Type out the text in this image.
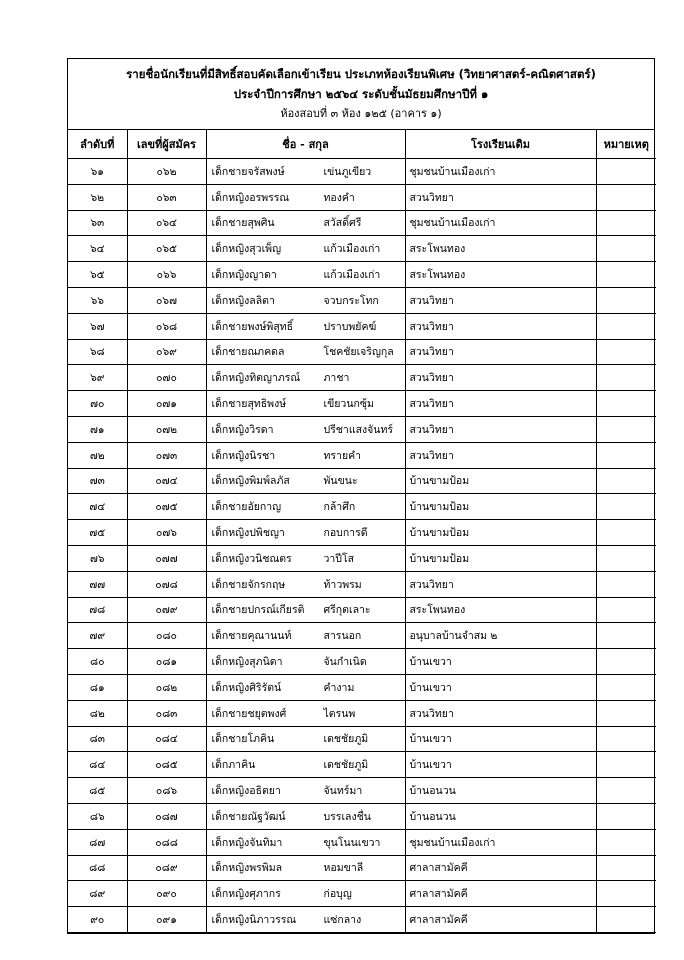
รายชื่อนักเรียนที่มีสิทธิ์สอบคัดเลือกเข้าเรียน ประเภทห้องเรียนพิเศษ (วิทยาศาสตร์-คณิตศาสตร์)
ประจำปีการศึกษา ๒๕๖๔ ระดับชั้นมัธยมศึกษาปีที่ ๑
ห้องสอบที่ ๓ ห้อง ๑๒๕ (อาคาร ๑)
ลำดับที่	เลขที่ผู้สมัคร	ชื่อ - สกุล	โรงเรียนเดิม	หมายเหตุ
๖๑	๐๖๒	เด็กชายจรัสพงษ์ เข่นภูเขียว	ชุมชนบ้านเมืองเก่า	
๖๒	๐๖๓	เด็กหญิงอรพรรณ ทองคำ	สวนวิทยา	
๖๓	๐๖๔	เด็กชายสุพศิน สวัสดิ์ศรี	ชุมชนบ้านเมืองเก่า	
๖๔	๐๖๕	เด็กหญิงสุวเพ็ญ แก้วเมืองเก่า	สระโพนทอง	
๖๕	๐๖๖	เด็กหญิงญาดา แก้วเมืองเก่า	สระโพนทอง	
๖๖	๐๖๗	เด็กหญิงลลิตา จวบกระโทก	สวนวิทยา	
๖๗	๐๖๘	เด็กชายพงษ์พิสุทธิ์ ปราบพยัคฆ์	สวนวิทยา	
๖๘	๐๖๙	เด็กชายณภคดล โชคชัยเจริญกุล	สวนวิทยา	
๖๙	๐๗๐	เด็กหญิงทิตญาภรณ์ ภาชา	สวนวิทยา	
๗๐	๐๗๑	เด็กชายสุทธิพงษ์ เขียวนกซุ้ม	สวนวิทยา	
๗๑	๐๗๒	เด็กหญิงวิรดา ปรีชาแสงจันทร์	สวนวิทยา	
๗๒	๐๗๓	เด็กหญิงนิรชา ทรายคำ	สวนวิทยา	
๗๓	๐๗๔	เด็กหญิงพิมพ์ลภัส พันขนะ	บ้านขามป้อม	
๗๔	๐๗๕	เด็กชายอัยกาญ กล้าศึก	บ้านขามป้อม	
๗๕	๐๗๖	เด็กหญิงปพิชญา กอบการดี	บ้านขามป้อม	
๗๖	๐๗๗	เด็กหญิงวนิชณตร วาปีโส	บ้านขามป้อม	
๗๗	๐๗๘	เด็กชายจักรกฤษ ท้าวพรม	สวนวิทยา	
๗๘	๐๗๙	เด็กชายปกรณ์เกียรติ ศรีกุตเลาะ	สระโพนทอง	
๗๙	๐๘๐	เด็กชายคุณานนท์ สารนอก	อนุบาลบ้านจำสม ๒	
๘๐	๐๘๑	เด็กหญิงสุภนิดา จันกำเนิด	บ้านเขวา	
๘๑	๐๘๒	เด็กหญิงศิริรัตน์ คำงาม	บ้านเขวา	
๘๒	๐๘๓	เด็กชายชยุตพงศ์ ไตรนพ	สวนวิทยา	
๘๓	๐๘๔	เด็กชายโภคิน เดชชัยภูมิ	บ้านเขวา	
๘๔	๐๘๕	เด็กภาคิน เดชชัยภูมิ	บ้านเขวา	
๘๕	๐๘๖	เด็กหญิงอธิตยา จันทร์มา	บ้านอนวน	
๘๖	๐๘๗	เด็กชายณัฐวัฒน์ บรรเลงชื่น	บ้านอนวน	
๘๗	๐๘๘	เด็กหญิงจันทิมา ขุนโนนเขวา	ชุมชนบ้านเมืองเก่า	
๘๘	๐๘๙	เด็กหญิงพรพิมล หอมขาลี	ศาลาสามัคคี	
๘๙	๐๙๐	เด็กหญิงศุภากร ก่อบุญ	ศาลาสามัคคี	
๙๐	๐๙๑	เด็กหญิงนิภาวรรณ แซ่กลาง	ศาลาสามัคคี	
